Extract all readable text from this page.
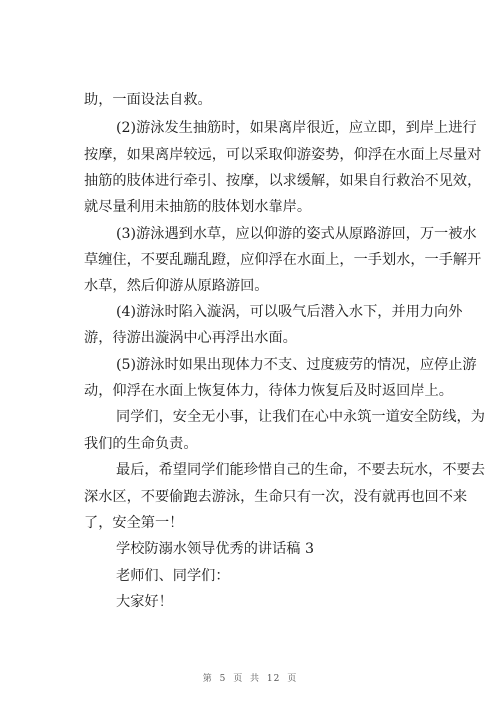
助，一面设法自救。
(2)游泳发生抽筋时，如果离岸很近，应立即，到岸上进行
按摩，如果离岸较远，可以采取仰游姿势，仰浮在水面上尽量对
抽筋的肢体进行牵引、按摩，以求缓解，如果自行救治不见效，
就尽量利用未抽筋的肢体划水靠岸。
(3)游泳遇到水草，应以仰游的姿式从原路游回，万一被水
草缠住，不要乱蹦乱蹬，应仰浮在水面上，一手划水，一手解开
水草，然后仰游从原路游回。
(4)游泳时陷入漩涡，可以吸气后潜入水下，并用力向外
游，待游出漩涡中心再浮出水面。
(5)游泳时如果出现体力不支、过度疲劳的情况，应停止游
动，仰浮在水面上恢复体力，待体力恢复后及时返回岸上。
同学们，安全无小事，让我们在心中永筑一道安全防线，为
我们的生命负责。
最后，希望同学们能珍惜自己的生命，不要去玩水，不要去
深水区，不要偷跑去游泳，生命只有一次，没有就再也回不来
了，安全第一！
学校防溺水领导优秀的讲话稿 3
老师们、同学们：
大家好！
第 5 页 共 12 页
